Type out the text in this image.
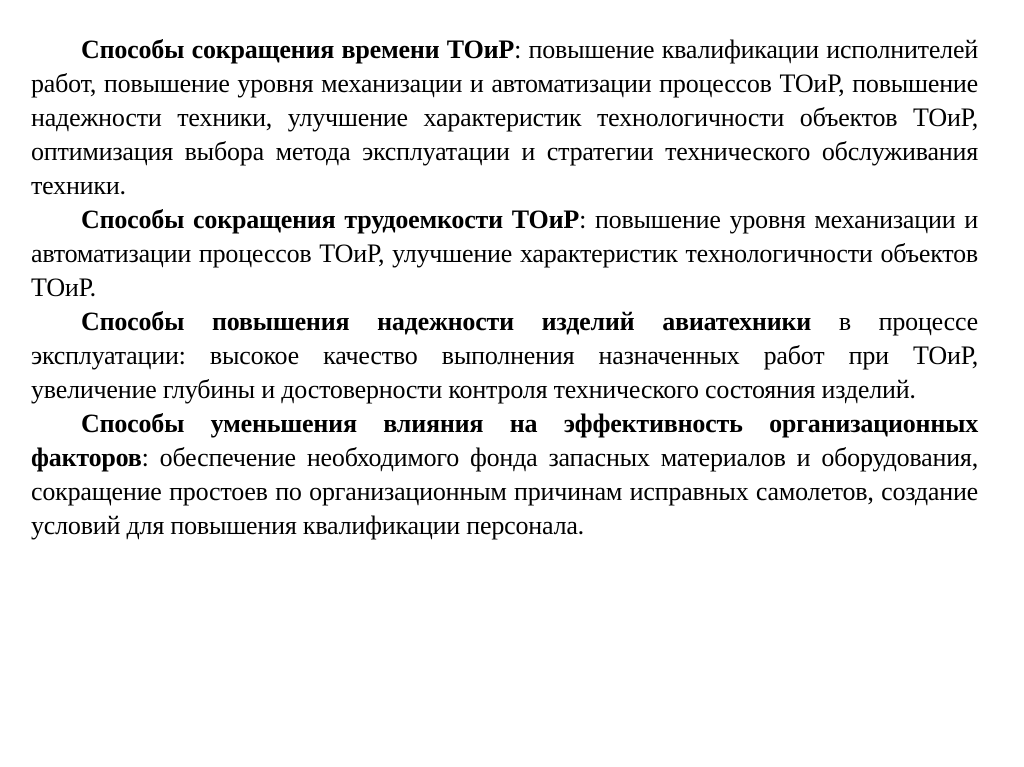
Способы сокращения времени ТОиР: повышение квалификации исполнителей работ, повышение уровня механизации и автоматизации процессов ТОиР, повышение надежности техники, улучшение характеристик технологичности объектов ТОиР, оптимизация выбора метода эксплуатации и стратегии технического обслуживания техники.

Способы сокращения трудоемкости ТОиР: повышение уровня механизации и автоматизации процессов ТОиР, улучшение характеристик технологичности объектов ТОиР.

Способы повышения надежности изделий авиатехники в процессе эксплуатации: высокое качество выполнения назначенных работ при ТОиР, увеличение глубины и достоверности контроля технического состояния изделий.

Способы уменьшения влияния на эффективность организационных факторов: обеспечение необходимого фонда запасных материалов и оборудования, сокращение простоев по организационным причинам исправных самолетов, создание условий для повышения квалификации персонала.
